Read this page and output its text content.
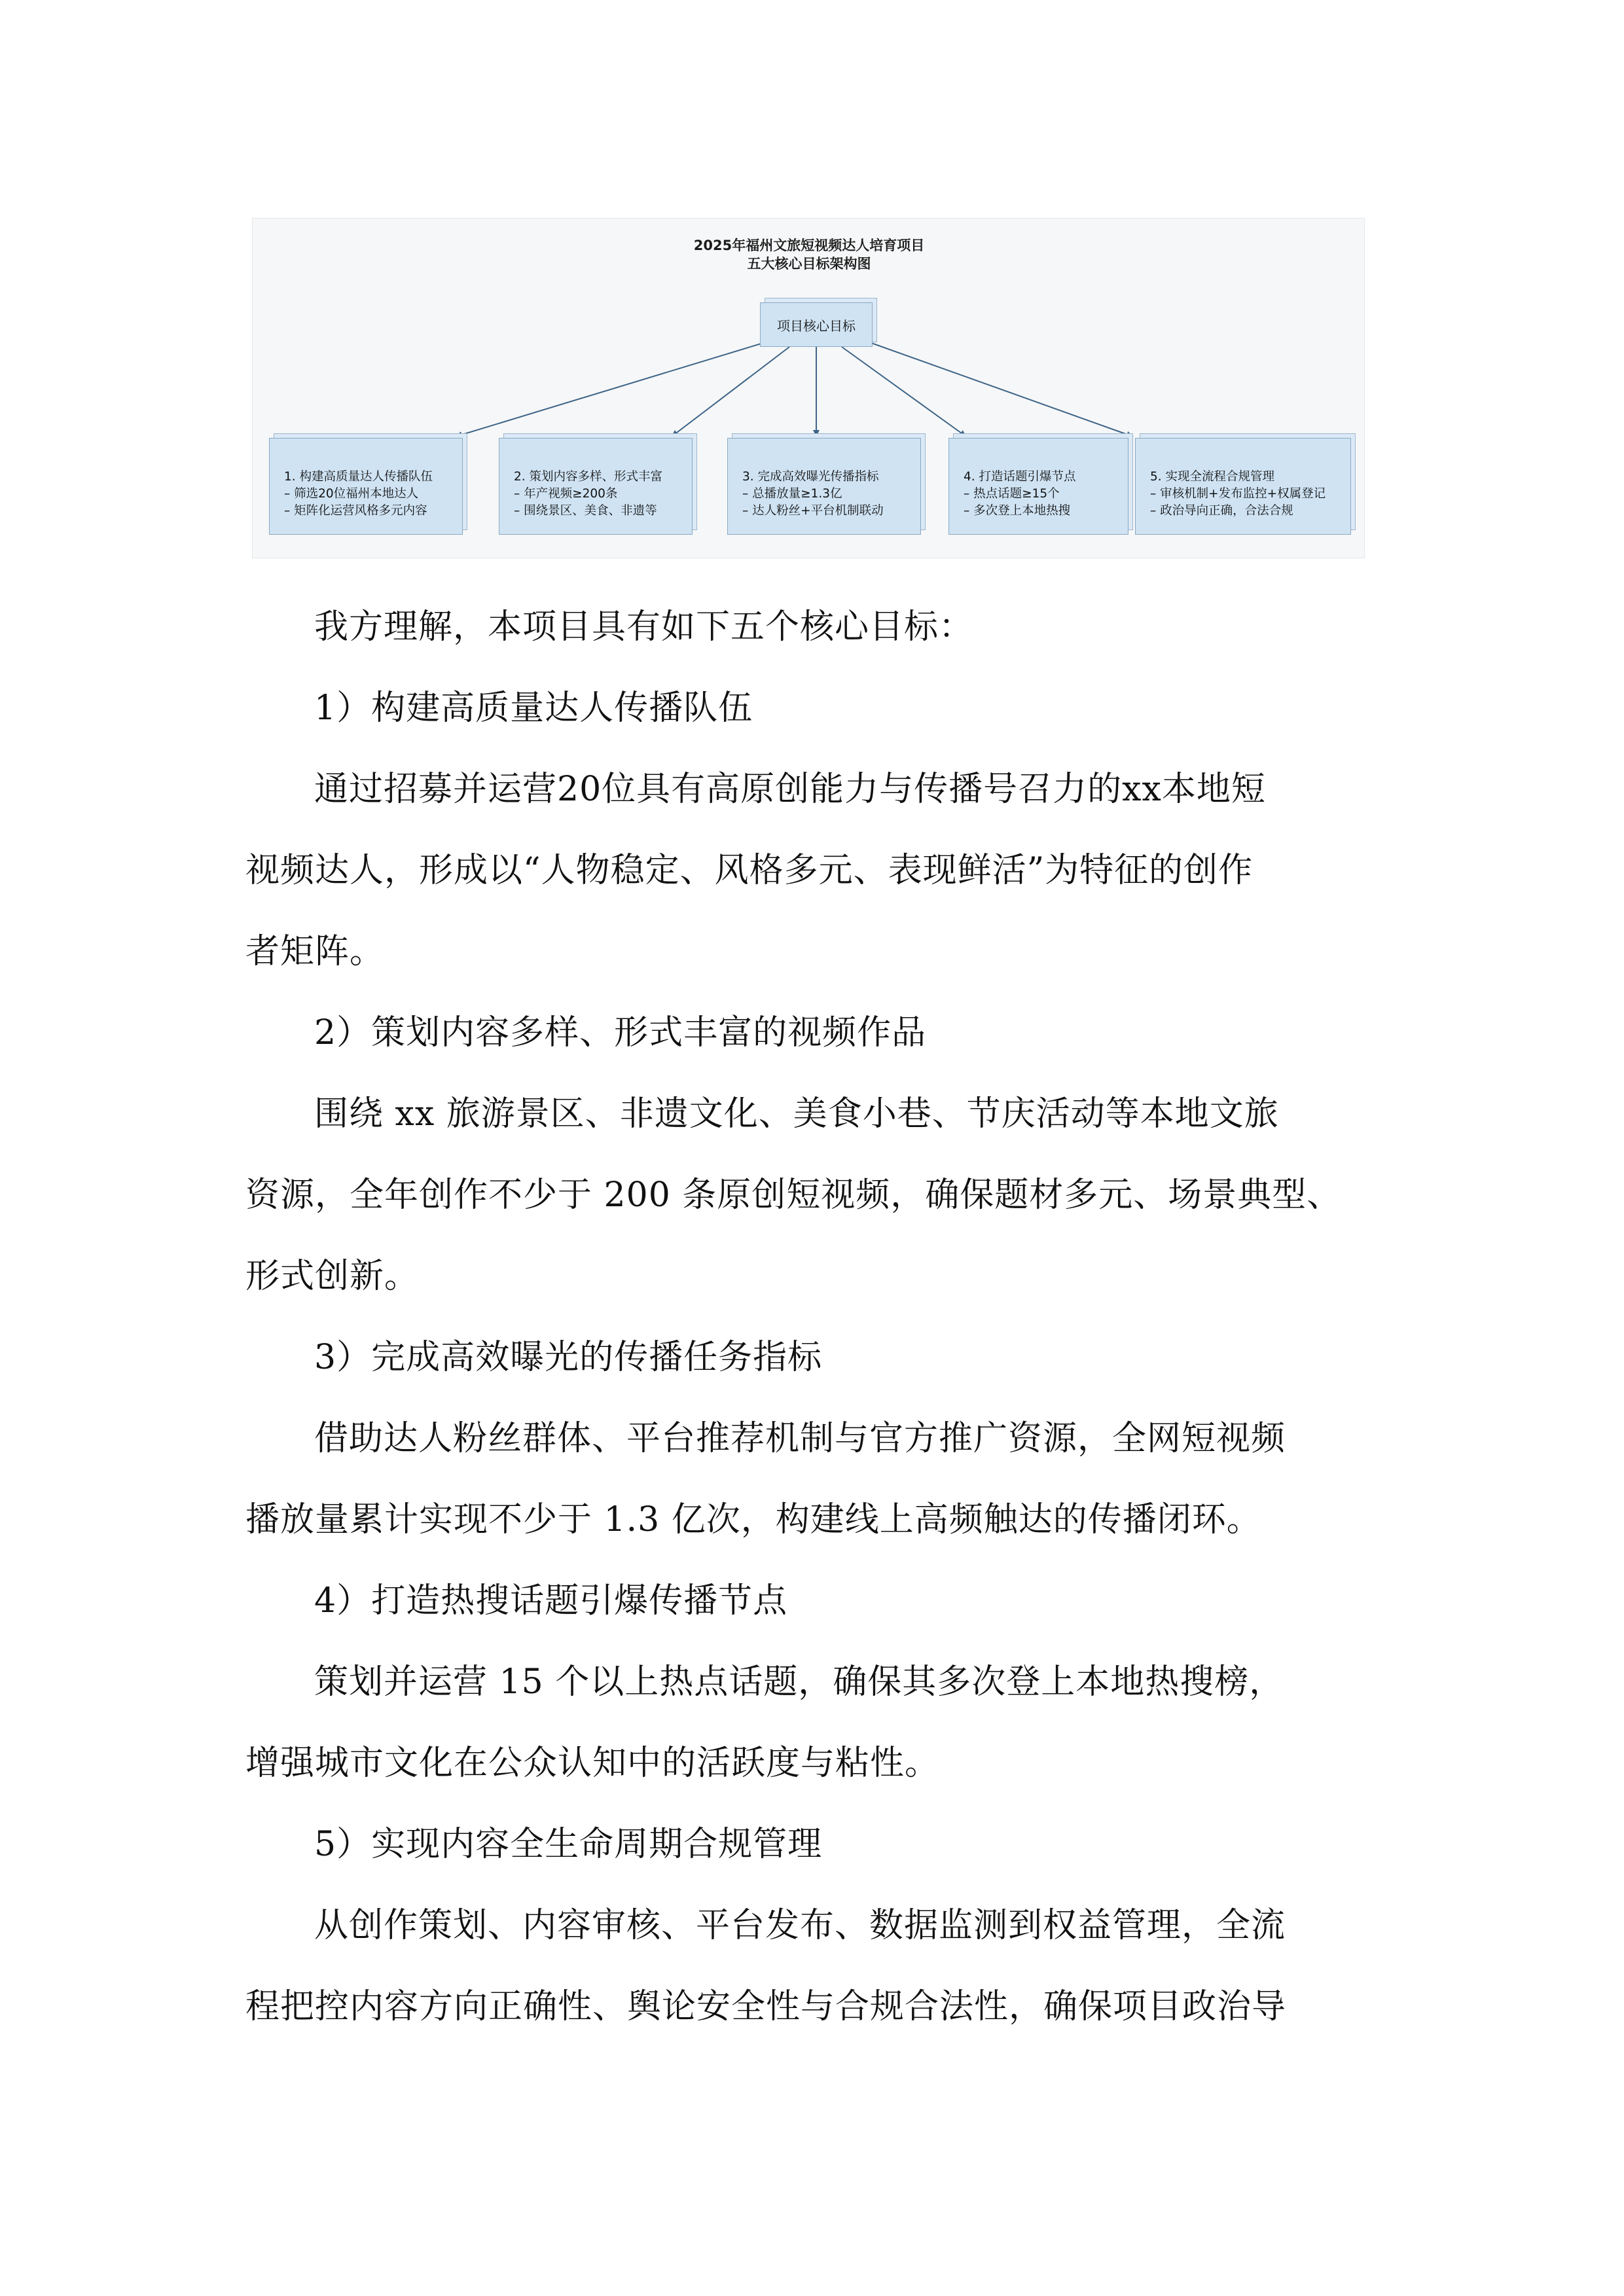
2025年福州文旅短视频达人培育项目
五大核心目标架构图
项目核心目标
1. 构建高质量达人传播队伍
– 筛选20位福州本地达人
– 矩阵化运营风格多元内容
2. 策划内容多样、形式丰富
– 年产视频≥200条
– 围绕景区、美食、非遗等
3. 完成高效曝光传播指标
– 总播放量≥1.3亿
– 达人粉丝+平台机制联动
4. 打造话题引爆节点
– 热点话题≥15个
– 多次登上本地热搜
5. 实现全流程合规管理
– 审核机制+发布监控+权属登记
– 政治导向正确，合法合规

我方理解，本项目具有如下五个核心目标：

1）构建高质量达人传播队伍

通过招募并运营20位具有高原创能力与传播号召力的xx本地短
视频达人，形成以“人物稳定、风格多元、表现鲜活”为特征的创作
者矩阵。

2）策划内容多样、形式丰富的视频作品

围绕 xx 旅游景区、非遗文化、美食小巷、节庆活动等本地文旅
资源，全年创作不少于 200 条原创短视频，确保题材多元、场景典型、
形式创新。

3）完成高效曝光的传播任务指标

借助达人粉丝群体、平台推荐机制与官方推广资源，全网短视频
播放量累计实现不少于 1.3 亿次，构建线上高频触达的传播闭环。

4）打造热搜话题引爆传播节点

策划并运营 15 个以上热点话题，确保其多次登上本地热搜榜，
增强城市文化在公众认知中的活跃度与粘性。

5）实现内容全生命周期合规管理

从创作策划、内容审核、平台发布、数据监测到权益管理，全流
程把控内容方向正确性、舆论安全性与合规合法性，确保项目政治导
